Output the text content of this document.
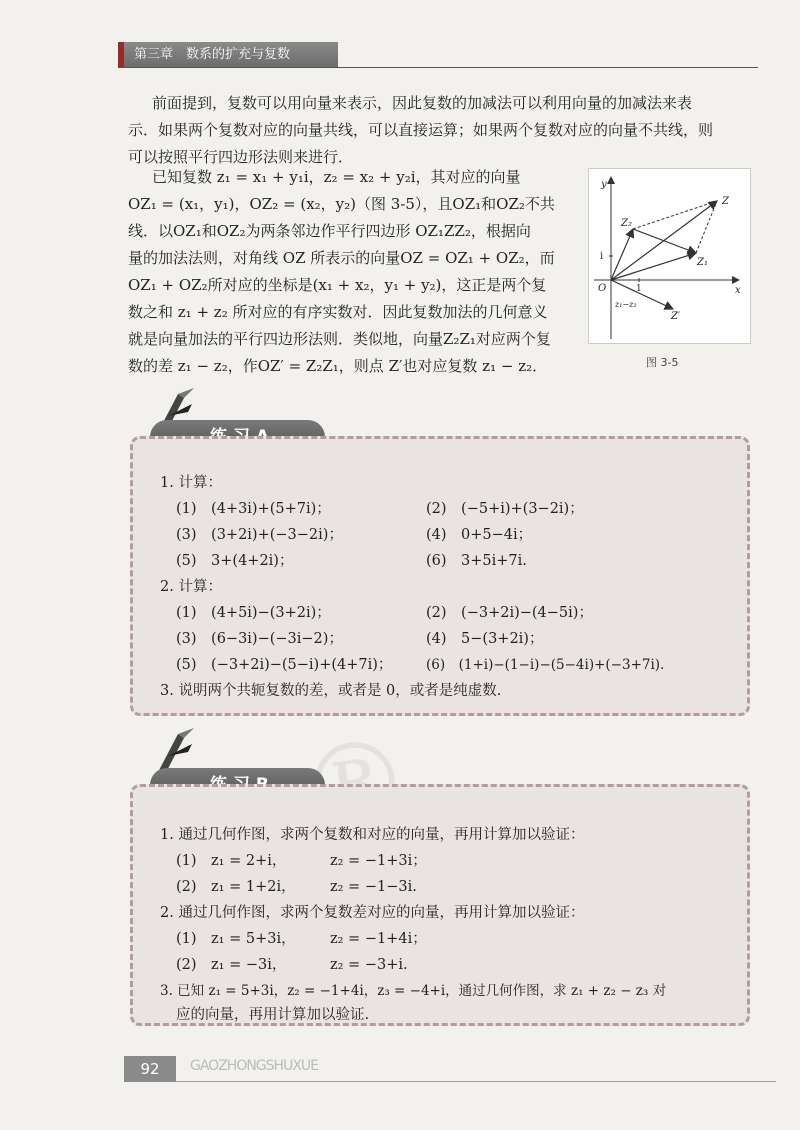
第三章　数系的扩充与复数
前面提到，复数可以用向量来表示，因此复数的加减法可以利用向量的加减法来表
示．如果两个复数对应的向量共线，可以直接运算；如果两个复数对应的向量不共线，则
可以按照平行四边形法则来进行．
已知复数 z₁ = x₁ + y₁i，z₂ = x₂ + y₂i，其对应的向量
OZ₁ = (x₁，y₁)，OZ₂ = (x₂，y₂)（图 3-5），且OZ₁和OZ₂不共
线．以OZ₁和OZ₂为两条邻边作平行四边形 OZ₁ZZ₂，根据向
量的加法法则，对角线 OZ 所表示的向量OZ = OZ₁ + OZ₂，而
OZ₁ + OZ₂所对应的坐标是(x₁ + x₂，y₁ + y₂)，这正是两个复
数之和 z₁ + z₂ 所对应的有序实数对．因此复数加法的几何意义
就是向量加法的平行四边形法则．类似地，向量Z₂Z₁对应两个复
数的差 z₁ − z₂，作OZ′ = Z₂Z₁，则点 Z′也对应复数 z₁ − z₂．
y
x
O
Z
Z₁
Z₂
Z′
i
1
z₁−z₂
图 3-5
1. 计算：
(1)　(4+3i)+(5+7i)；	(2)　(−5+i)+(3−2i)；
(3)　(3+2i)+(−3−2i)；	(4)　0+5−4i；
(5)　3+(4+2i)；	(6)　3+5i+7i.
2. 计算：
(1)　(4+5i)−(3+2i)；	(2)　(−3+2i)−(4−5i)；
(3)　(6−3i)−(−3i−2)；	(4)　5−(3+2i)；
(5)　(−3+2i)−(5−i)+(4+7i)； (6)　(1+i)−(1−i)−(5−4i)+(−3+7i).
3. 说明两个共轭复数的差，或者是 0，或者是纯虚数.
1. 通过几何作图，求两个复数和对应的向量，再用计算加以验证：
(1)　z₁ = 2+i，	z₂ = −1+3i；
(2)　z₁ = 1+2i， z₂ = −1−3i.
2. 通过几何作图，求两个复数差对应的向量，再用计算加以验证：
(1)　z₁ = 5+3i， z₂ = −1+4i；
(2)　z₁ = −3i，	z₂ = −3+i.
3. 已知 z₁ = 5+3i，z₂ = −1+4i，z₃ = −4+i，通过几何作图，求 z₁ + z₂ − z₃ 对
应的向量，再用计算加以验证.
92	GAOZHONGSHUXUE
